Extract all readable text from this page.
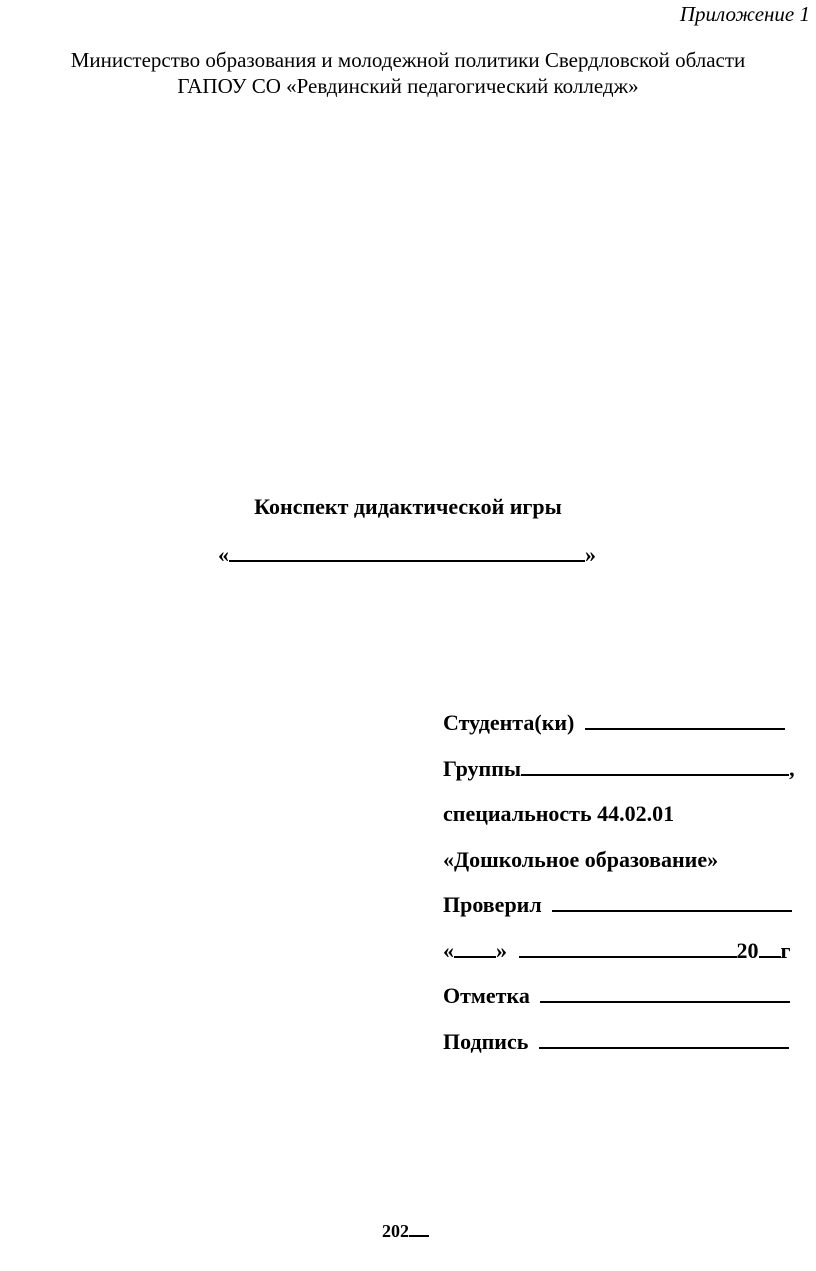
Приложение 1
Министерство образования и молодежной политики Свердловской области
ГАПОУ СО «Ревдинский педагогический колледж»
Конспект дидактической игры
«	»
Студента(ки)
Группы	,
специальность 44.02.01
«Дошкольное образование»
Проверил
« »	20 г
Отметка
Подпись
202
